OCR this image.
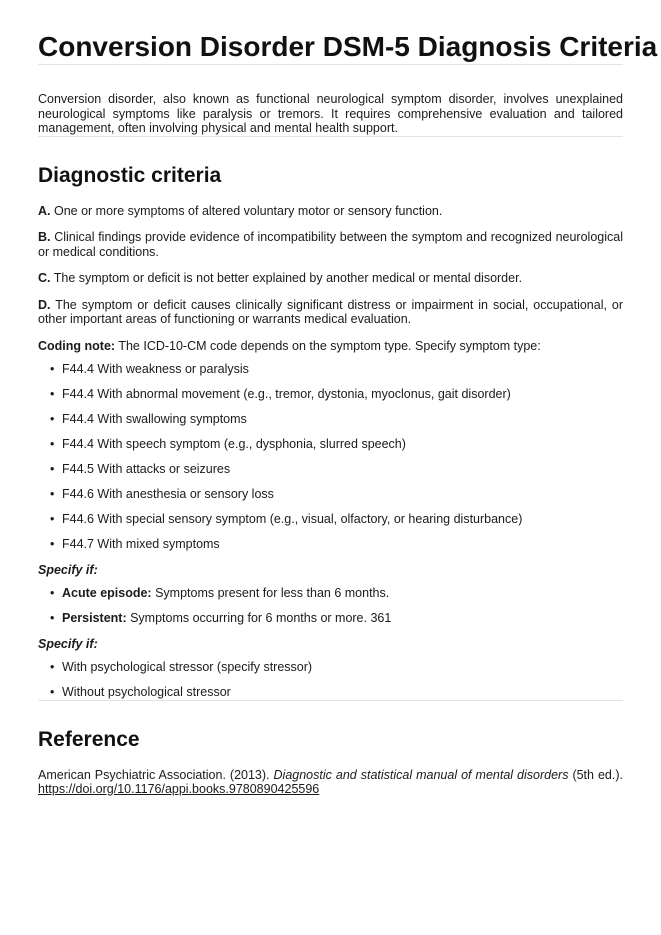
Conversion Disorder DSM-5 Diagnosis Criteria

Conversion disorder, also known as functional neurological symptom disorder, involves unexplained neurological symptoms like paralysis or tremors. It requires comprehensive evaluation and tailored management, often involving physical and mental health support.

Diagnostic criteria

A. One or more symptoms of altered voluntary motor or sensory function.

B. Clinical findings provide evidence of incompatibility between the symptom and recognized neurological or medical conditions.

C. The symptom or deficit is not better explained by another medical or mental disorder.

D. The symptom or deficit causes clinically significant distress or impairment in social, occupational, or other important areas of functioning or warrants medical evaluation.

Coding note: The ICD-10-CM code depends on the symptom type. Specify symptom type:

• F44.4 With weakness or paralysis
• F44.4 With abnormal movement (e.g., tremor, dystonia, myoclonus, gait disorder)
• F44.4 With swallowing symptoms
• F44.4 With speech symptom (e.g., dysphonia, slurred speech)
• F44.5 With attacks or seizures
• F44.6 With anesthesia or sensory loss
• F44.6 With special sensory symptom (e.g., visual, olfactory, or hearing disturbance)
• F44.7 With mixed symptoms

Specify if:

• Acute episode: Symptoms present for less than 6 months.
• Persistent: Symptoms occurring for 6 months or more. 361

Specify if:

• With psychological stressor (specify stressor)
• Without psychological stressor
Reference

American Psychiatric Association. (2013). Diagnostic and statistical manual of mental disorders (5th ed.). https://doi.org/10.1176/appi.books.9780890425596
